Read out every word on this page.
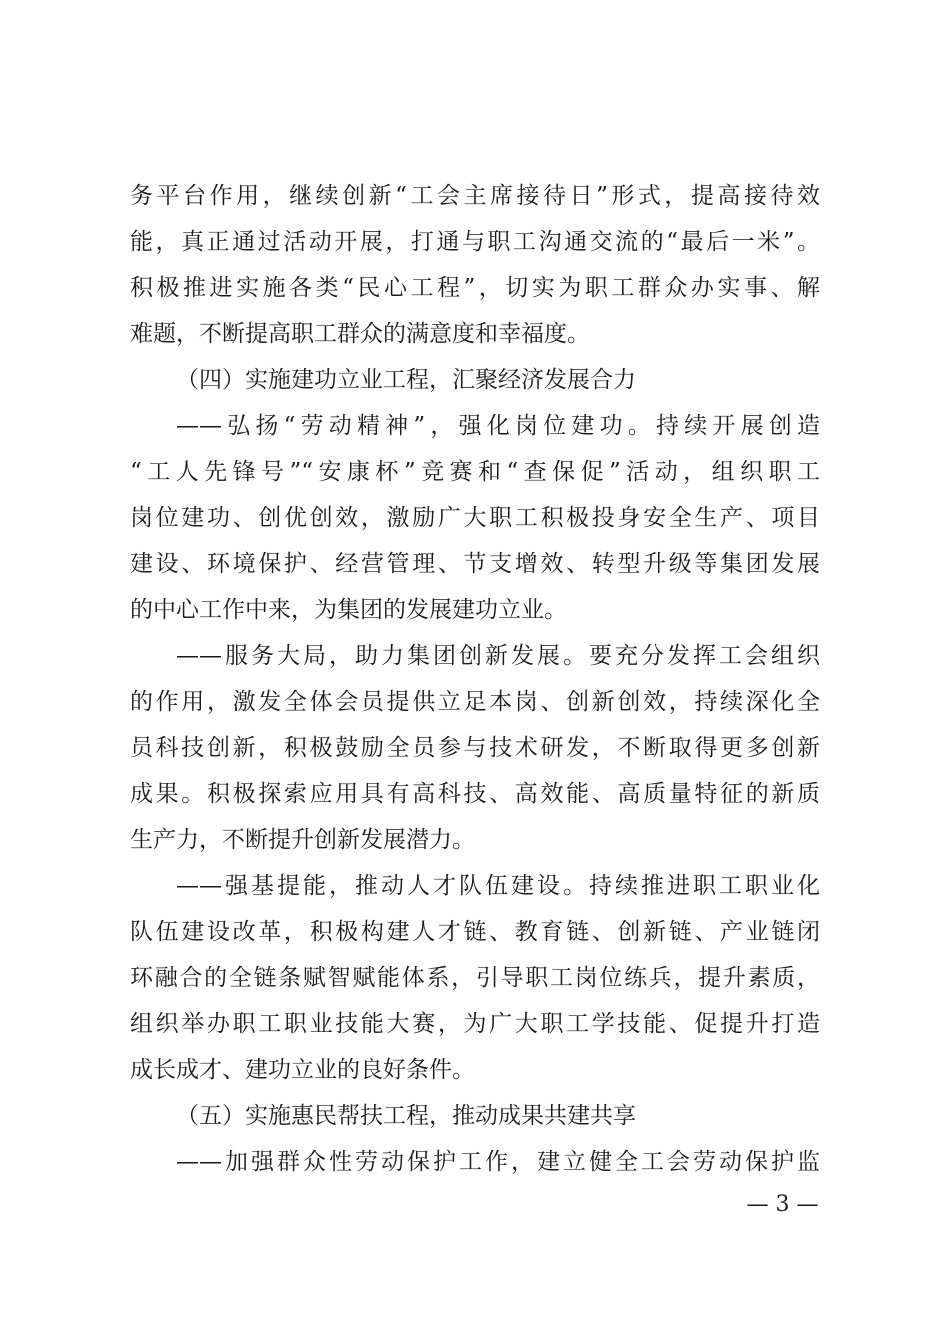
务平台作用，继续创新“工会主席接待日”形式，提高接待效
能，真正通过活动开展，打通与职工沟通交流的“最后一米”。
积极推进实施各类“民心工程”，切实为职工群众办实事、解
难题，不断提高职工群众的满意度和幸福度。
（四）实施建功立业工程，汇聚经济发展合力
——弘扬“劳动精神”，强化岗位建功。持续开展创造
“工人先锋号”“安康杯”竞赛和“查保促”活动，组织职工
岗位建功、创优创效，激励广大职工积极投身安全生产、项目
建设、环境保护、经营管理、节支增效、转型升级等集团发展
的中心工作中来，为集团的发展建功立业。
——服务大局，助力集团创新发展。要充分发挥工会组织
的作用，激发全体会员提供立足本岗、创新创效，持续深化全
员科技创新，积极鼓励全员参与技术研发，不断取得更多创新
成果。积极探索应用具有高科技、高效能、高质量特征的新质
生产力，不断提升创新发展潜力。
——强基提能，推动人才队伍建设。持续推进职工职业化
队伍建设改革，积极构建人才链、教育链、创新链、产业链闭
环融合的全链条赋智赋能体系，引导职工岗位练兵，提升素质，
组织举办职工职业技能大赛，为广大职工学技能、促提升打造
成长成才、建功立业的良好条件。
（五）实施惠民帮扶工程，推动成果共建共享
——加强群众性劳动保护工作，建立健全工会劳动保护监
— 3 —
